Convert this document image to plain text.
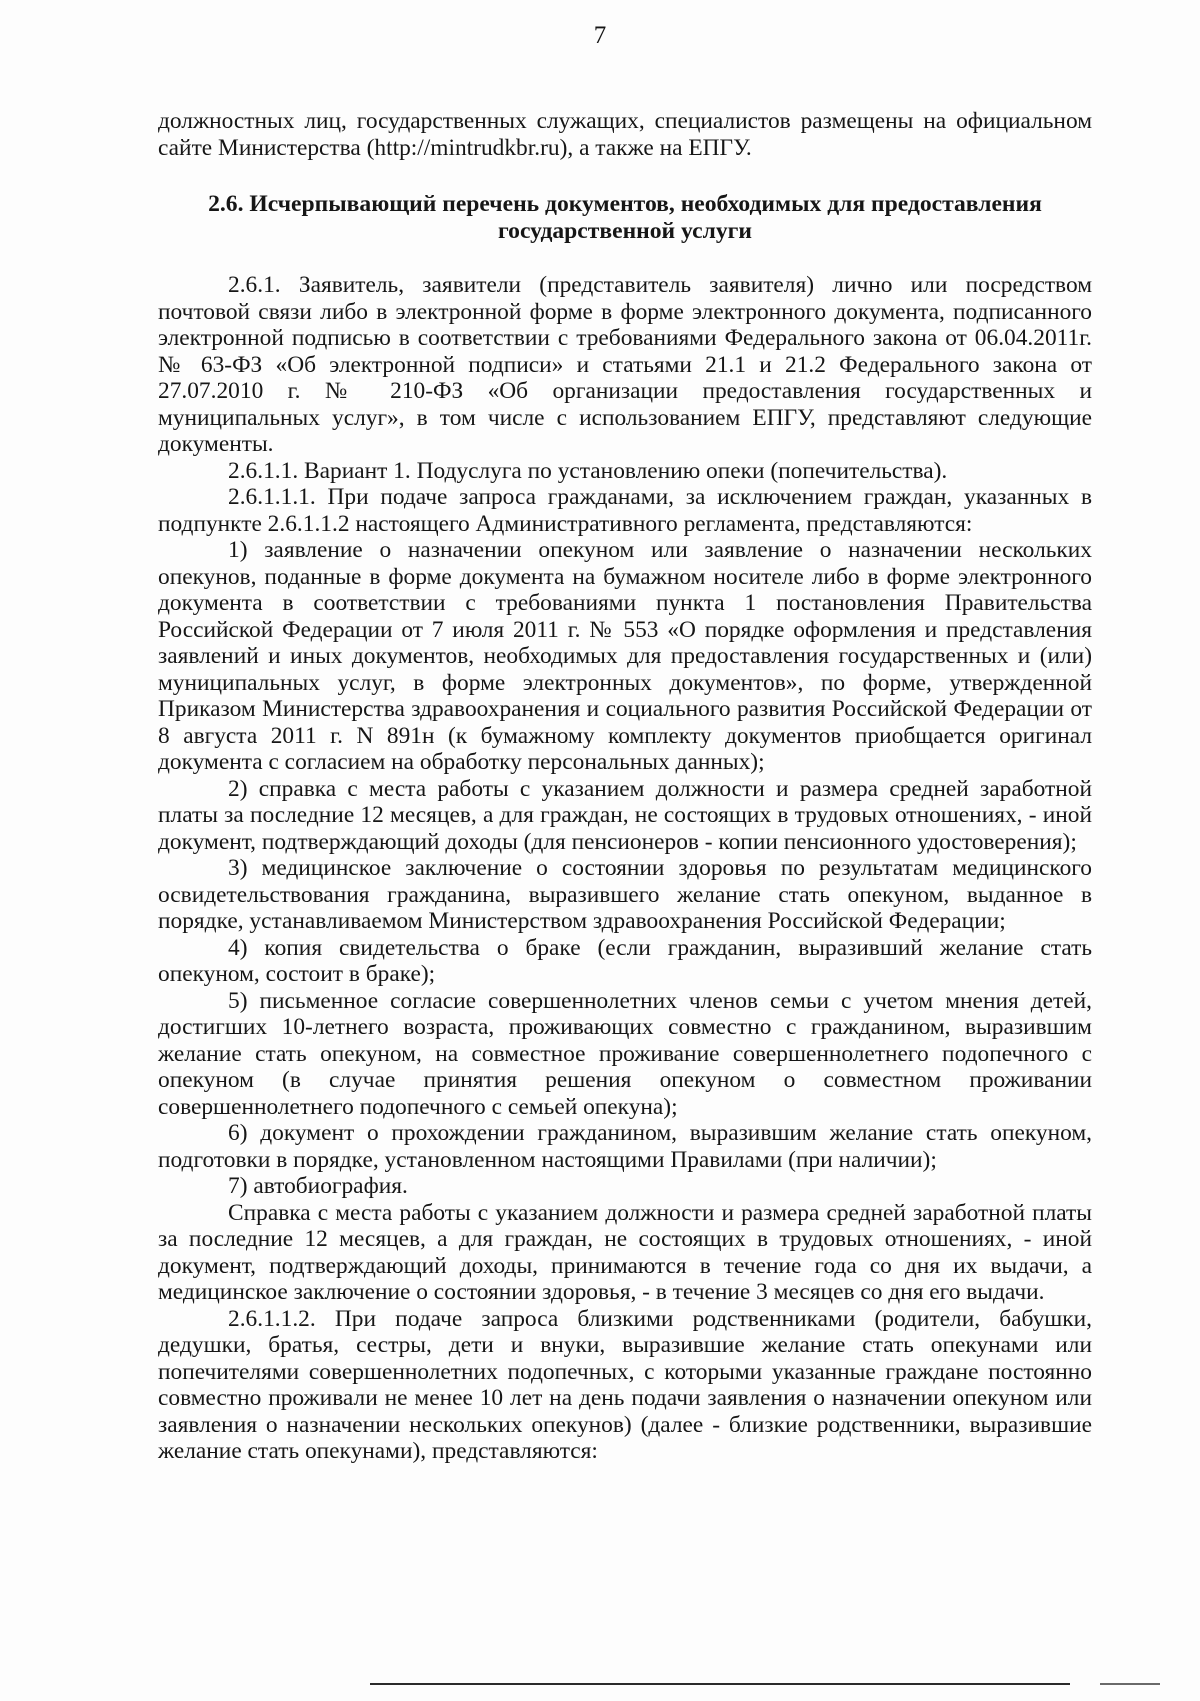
7

должностных лиц, государственных служащих, специалистов размещены на официальном сайте Министерства (http://mintrudkbr.ru), а также на ЕПГУ.

2.6. Исчерпывающий перечень документов, необходимых для предоставления государственной услуги

2.6.1. Заявитель, заявители (представитель заявителя) лично или посредством почтовой связи либо в электронной форме в форме электронного документа, подписанного электронной подписью в соответствии с требованиями Федерального закона от 06.04.2011г. № 63-ФЗ «Об электронной подписи» и статьями 21.1 и 21.2 Федерального закона от 27.07.2010 г. № 210-ФЗ «Об организации предоставления государственных и муниципальных услуг», в том числе с использованием ЕПГУ, представляют следующие документы.

2.6.1.1. Вариант 1. Подуслуга по установлению опеки (попечительства).

2.6.1.1.1. При подаче запроса гражданами, за исключением граждан, указанных в подпункте 2.6.1.1.2 настоящего Административного регламента, представляются:

1) заявление о назначении опекуном или заявление о назначении нескольких опекунов, поданные в форме документа на бумажном носителе либо в форме электронного документа в соответствии с требованиями пункта 1 постановления Правительства Российской Федерации от 7 июля 2011 г. № 553 «О порядке оформления и представления заявлений и иных документов, необходимых для предоставления государственных и (или) муниципальных услуг, в форме электронных документов», по форме, утвержденной Приказом Министерства здравоохранения и социального развития Российской Федерации от 8 августа 2011 г. N 891н (к бумажному комплекту документов приобщается оригинал документа с согласием на обработку персональных данных);

2) справка с места работы с указанием должности и размера средней заработной платы за последние 12 месяцев, а для граждан, не состоящих в трудовых отношениях, - иной документ, подтверждающий доходы (для пенсионеров - копии пенсионного удостоверения);

3) медицинское заключение о состоянии здоровья по результатам медицинского освидетельствования гражданина, выразившего желание стать опекуном, выданное в порядке, устанавливаемом Министерством здравоохранения Российской Федерации;

4) копия свидетельства о браке (если гражданин, выразивший желание стать опекуном, состоит в браке);

5) письменное согласие совершеннолетних членов семьи с учетом мнения детей, достигших 10-летнего возраста, проживающих совместно с гражданином, выразившим желание стать опекуном, на совместное проживание совершеннолетнего подопечного с опекуном (в случае принятия решения опекуном о совместном проживании совершеннолетнего подопечного с семьей опекуна);

6) документ о прохождении гражданином, выразившим желание стать опекуном, подготовки в порядке, установленном настоящими Правилами (при наличии);

7) автобиография.

Справка с места работы с указанием должности и размера средней заработной платы за последние 12 месяцев, а для граждан, не состоящих в трудовых отношениях, - иной документ, подтверждающий доходы, принимаются в течение года со дня их выдачи, а медицинское заключение о состоянии здоровья, - в течение 3 месяцев со дня его выдачи.

2.6.1.1.2. При подаче запроса близкими родственниками (родители, бабушки, дедушки, братья, сестры, дети и внуки, выразившие желание стать опекунами или попечителями совершеннолетних подопечных, с которыми указанные граждане постоянно совместно проживали не менее 10 лет на день подачи заявления о назначении опекуном или заявления о назначении нескольких опекунов) (далее - близкие родственники, выразившие желание стать опекунами), представляются:
